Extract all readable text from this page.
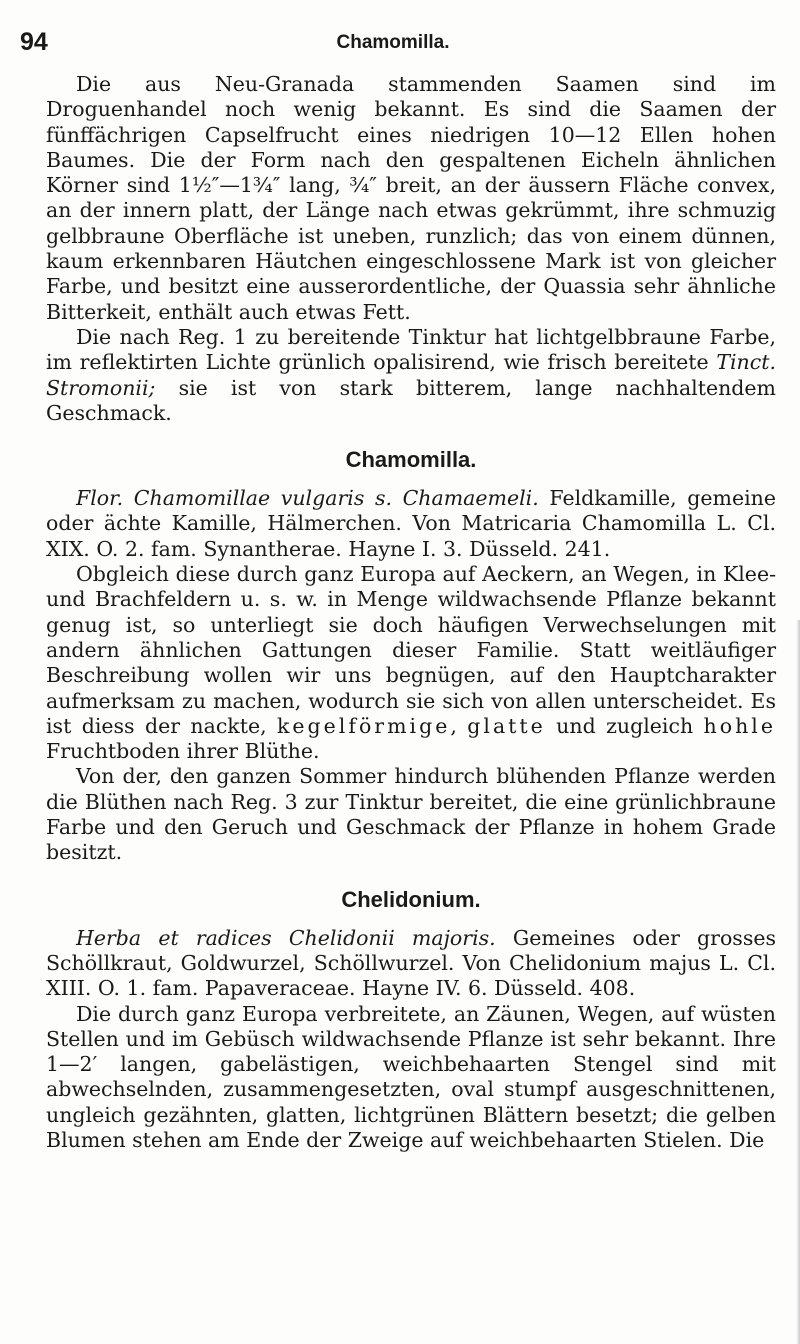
94	Chamomilla.

Die aus Neu-Granada stammenden Saamen sind im Droguenhandel noch wenig bekannt. Es sind die Saamen der fünffächrigen Capselfrucht eines niedrigen 10—12 Ellen hohen Baumes. Die der Form nach den gespaltenen Eicheln ähnlichen Körner sind 1½″—1¾″ lang, ¾″ breit, an der äussern Fläche convex, an der innern platt, der Länge nach etwas gekrümmt, ihre schmuzig gelbbraune Oberfläche ist uneben, runzlich; das von einem dünnen, kaum erkennbaren Häutchen eingeschlossene Mark ist von gleicher Farbe, und besitzt eine ausserordentliche, der Quassia sehr ähnliche Bitterkeit, enthält auch etwas Fett.

Die nach Reg. 1 zu bereitende Tinktur hat lichtgelbbraune Farbe, im reflektirten Lichte grünlich opalisirend, wie frisch bereitete Tinct. Stromonii; sie ist von stark bitterem, lange nachhaltendem Geschmack.

Chamomilla.

Flor. Chamomillae vulgaris s. Chamaemeli. Feldkamille, gemeine oder ächte Kamille, Hälmerchen. Von Matricaria Chamomilla L. Cl. XIX. O. 2. fam. Synantherae. Hayne I. 3. Düsseld. 241.

Obgleich diese durch ganz Europa auf Aeckern, an Wegen, in Klee- und Brachfeldern u. s. w. in Menge wildwachsende Pflanze bekannt genug ist, so unterliegt sie doch häufigen Verwechselungen mit andern ähnlichen Gattungen dieser Familie. Statt weitläufiger Beschreibung wollen wir uns begnügen, auf den Hauptcharakter aufmerksam zu machen, wodurch sie sich von allen unterscheidet. Es ist diess der nackte, kegelförmige, glatte und zugleich hohle Fruchtboden ihrer Blüthe.

Von der, den ganzen Sommer hindurch blühenden Pflanze werden die Blüthen nach Reg. 3 zur Tinktur bereitet, die eine grünlichbraune Farbe und den Geruch und Geschmack der Pflanze in hohem Grade besitzt.

Chelidonium.

Herba et radices Chelidonii majoris. Gemeines oder grosses Schöllkraut, Goldwurzel, Schöllwurzel. Von Chelidonium majus L. Cl. XIII. O. 1. fam. Papaveraceae. Hayne IV. 6. Düsseld. 408.

Die durch ganz Europa verbreitete, an Zäunen, Wegen, auf wüsten Stellen und im Gebüsch wildwachsende Pflanze ist sehr bekannt. Ihre 1—2′ langen, gabelästigen, weichbehaarten Stengel sind mit abwechselnden, zusammengesetzten, oval stumpf ausgeschnittenen, ungleich gezähnten, glatten, lichtgrünen Blättern besetzt; die gelben Blumen stehen am Ende der Zweige auf weichbehaarten Stielen. Die
